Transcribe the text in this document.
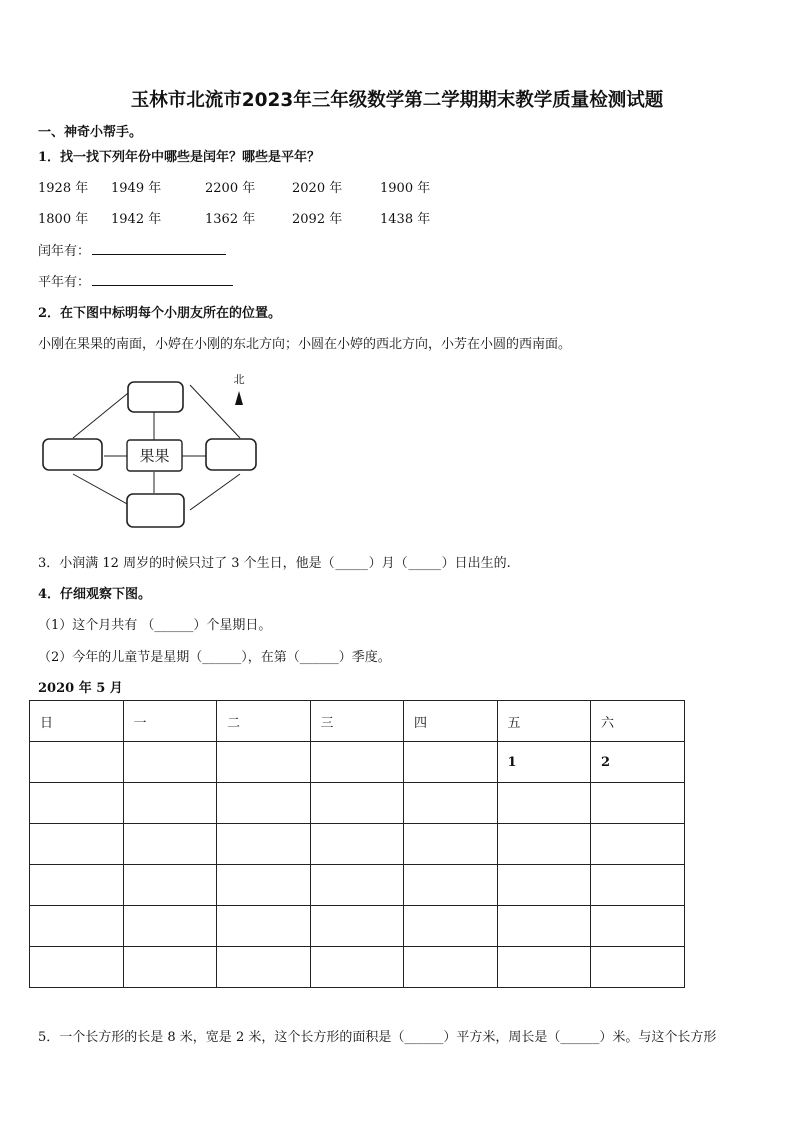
玉林市北流市2023年三年级数学第二学期期末教学质量检测试题
一、神奇小帮手。
1．找一找下列年份中哪些是闰年？哪些是平年？
1928 年 1949 年	2200 年	2020 年	1900 年
1800 年 1942 年	1362 年	2092 年	1438 年
闰年有：
平年有：
2．在下图中标明每个小朋友所在的位置。
小刚在果果的南面，小婷在小刚的东北方向；小圆在小婷的西北方向，小芳在小圆的西南面。
果果
北
3．小润满 12 周岁的时候只过了 3 个生日，他是（_____）月（_____）日出生的.
4．仔细观察下图。
（1）这个月共有 （______）个星期日。
（2）今年的儿童节是星期（______），在第（______）季度。
2020 年 5 月
日	一	二	三	四	五	六
					1	2

5．一个长方形的长是 8 米，宽是 2 米，这个长方形的面积是（______）平方米，周长是（______）米。与这个长方形
